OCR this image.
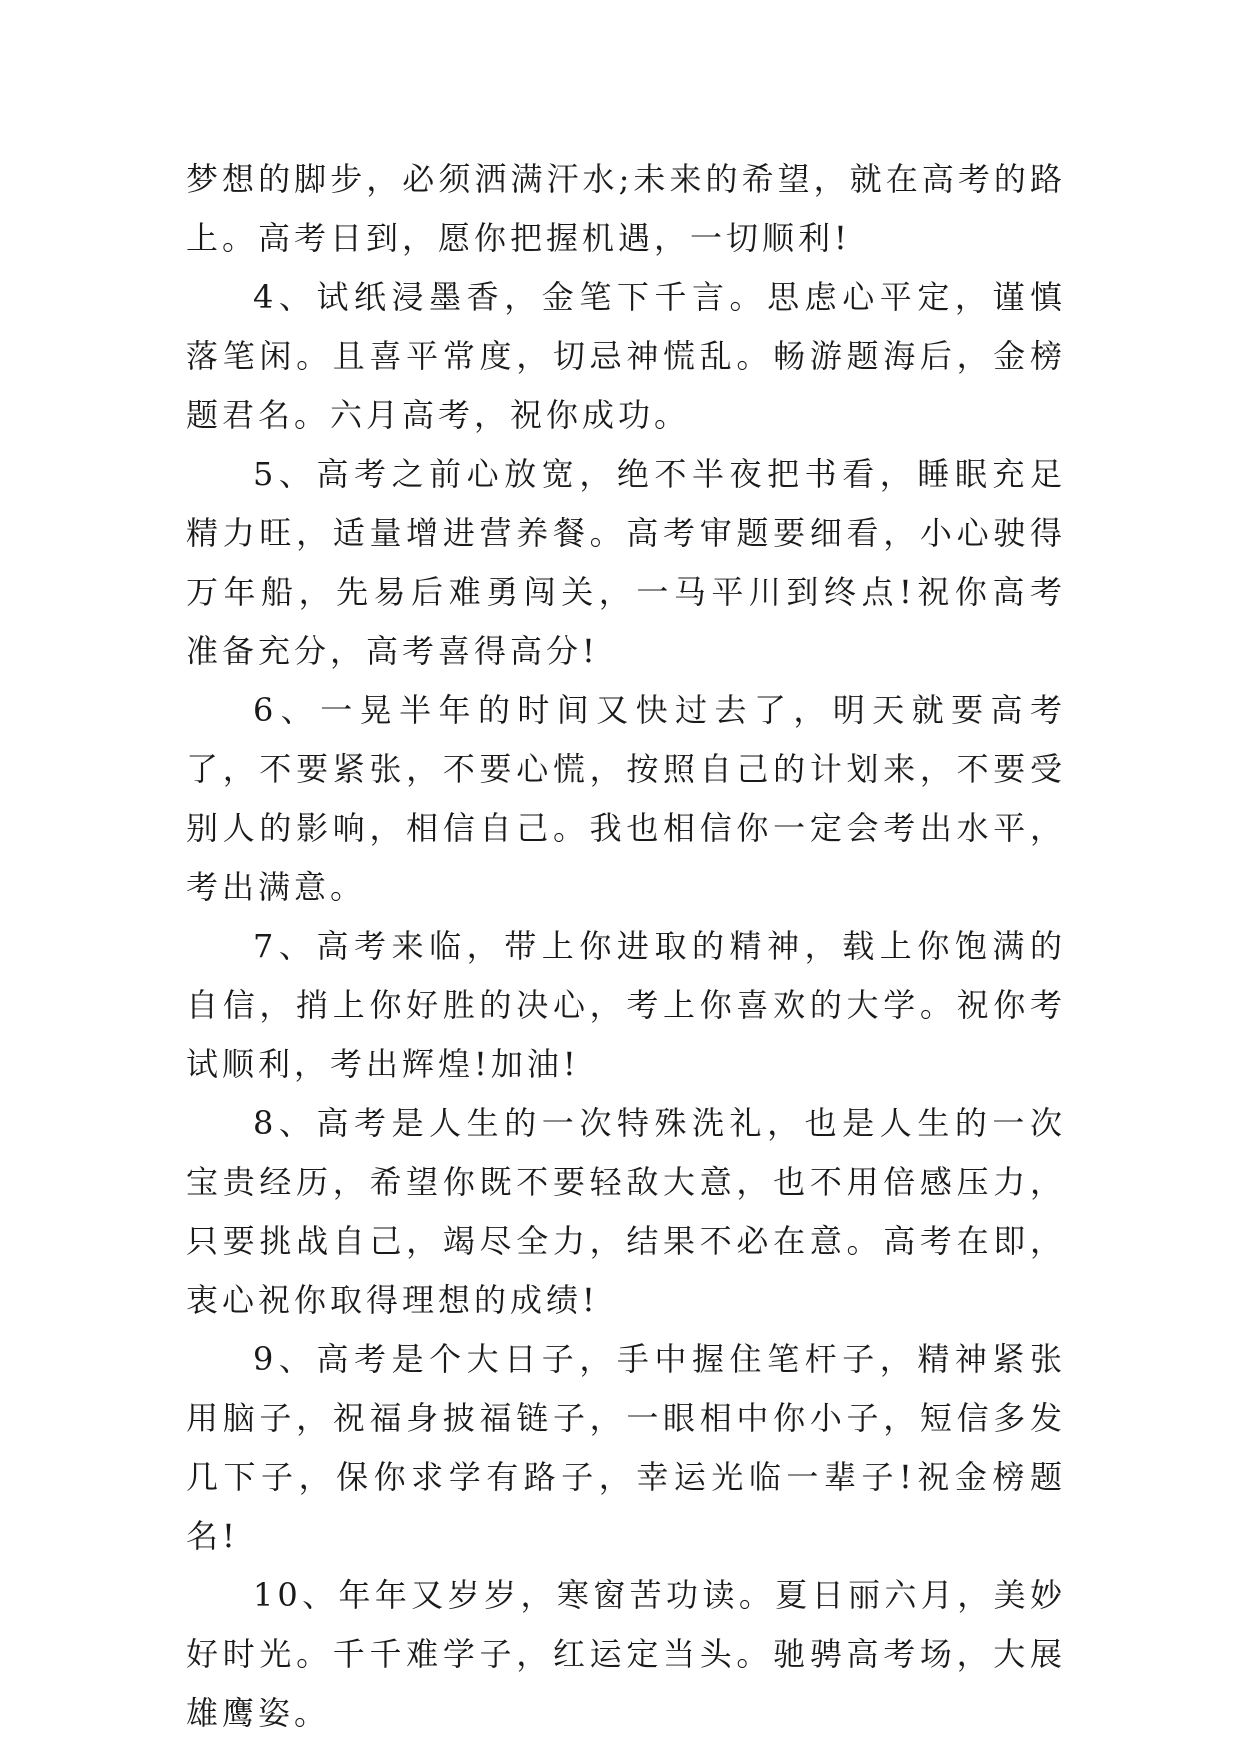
梦想的脚步，必须洒满汗水;未来的希望，就在高考的路上。高考日到，愿你把握机遇，一切顺利!

4、试纸浸墨香，金笔下千言。思虑心平定，谨慎落笔闲。且喜平常度，切忌神慌乱。畅游题海后，金榜题君名。六月高考，祝你成功。

5、高考之前心放宽，绝不半夜把书看，睡眠充足精力旺，适量增进营养餐。高考审题要细看，小心驶得万年船，先易后难勇闯关，一马平川到终点!祝你高考准备充分，高考喜得高分!

6、一晃半年的时间又快过去了，明天就要高考了，不要紧张，不要心慌，按照自己的计划来，不要受别人的影响，相信自己。我也相信你一定会考出水平，考出满意。

7、高考来临，带上你进取的精神，载上你饱满的自信，捎上你好胜的决心，考上你喜欢的大学。祝你考试顺利，考出辉煌!加油!

8、高考是人生的一次特殊洗礼，也是人生的一次宝贵经历，希望你既不要轻敌大意，也不用倍感压力，只要挑战自己，竭尽全力，结果不必在意。高考在即，衷心祝你取得理想的成绩!

9、高考是个大日子，手中握住笔杆子，精神紧张用脑子，祝福身披福链子，一眼相中你小子，短信多发几下子，保你求学有路子，幸运光临一辈子!祝金榜题名!

10、年年又岁岁，寒窗苦功读。夏日丽六月，美妙好时光。千千难学子，红运定当头。驰骋高考场，大展雄鹰姿。
